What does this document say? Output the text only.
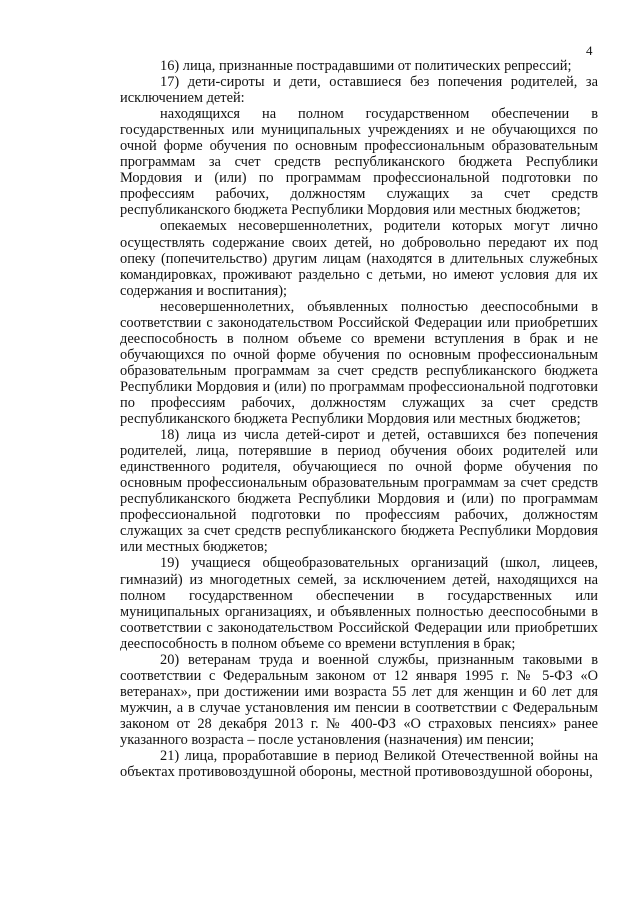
4

16) лица, признанные пострадавшими от политических репрессий;

17) дети-сироты и дети, оставшиеся без попечения родителей, за исключением детей:

находящихся на полном государственном обеспечении в государственных или муниципальных учреждениях и не обучающихся по очной форме обучения по основным профессиональным образовательным программам за счет средств республиканского бюджета Республики Мордовия и (или) по программам профессиональной подготовки по профессиям рабочих, должностям служащих за счет средств республиканского бюджета Республики Мордовия или местных бюджетов;

опекаемых несовершеннолетних, родители которых могут лично осуществлять содержание своих детей, но добровольно передают их под опеку (попечительство) другим лицам (находятся в длительных служебных командировках, проживают раздельно с детьми, но имеют условия для их содержания и воспитания);

несовершеннолетних, объявленных полностью дееспособными в соответствии с законодательством Российской Федерации или приобретших дееспособность в полном объеме со времени вступления в брак и не обучающихся по очной форме обучения по основным профессиональным образовательным программам за счет средств республиканского бюджета Республики Мордовия и (или) по программам профессиональной подготовки по профессиям рабочих, должностям служащих за счет средств республиканского бюджета Республики Мордовия или местных бюджетов;

18) лица из числа детей-сирот и детей, оставшихся без попечения родителей, лица, потерявшие в период обучения обоих родителей или единственного родителя, обучающиеся по очной форме обучения по основным профессиональным образовательным программам за счет средств республиканского бюджета Республики Мордовия и (или) по программам профессиональной подготовки по профессиям рабочих, должностям служащих за счет средств республиканского бюджета Республики Мордовия или местных бюджетов;

19) учащиеся общеобразовательных организаций (школ, лицеев, гимназий) из многодетных семей, за исключением детей, находящихся на полном государственном обеспечении в государственных или муниципальных организациях, и объявленных полностью дееспособными в соответствии с законодательством Российской Федерации или приобретших дееспособность в полном объеме со времени вступления в брак;

20) ветеранам труда и военной службы, признанным таковыми в соответствии с Федеральным законом от 12 января 1995 г. № 5-ФЗ «О ветеранах», при достижении ими возраста 55 лет для женщин и 60 лет для мужчин, а в случае установления им пенсии в соответствии с Федеральным законом от 28 декабря 2013 г. № 400-ФЗ «О страховых пенсиях» ранее указанного возраста – после установления (назначения) им пенсии;

21) лица, проработавшие в период Великой Отечественной войны на объектах противовоздушной обороны, местной противовоздушной обороны,
